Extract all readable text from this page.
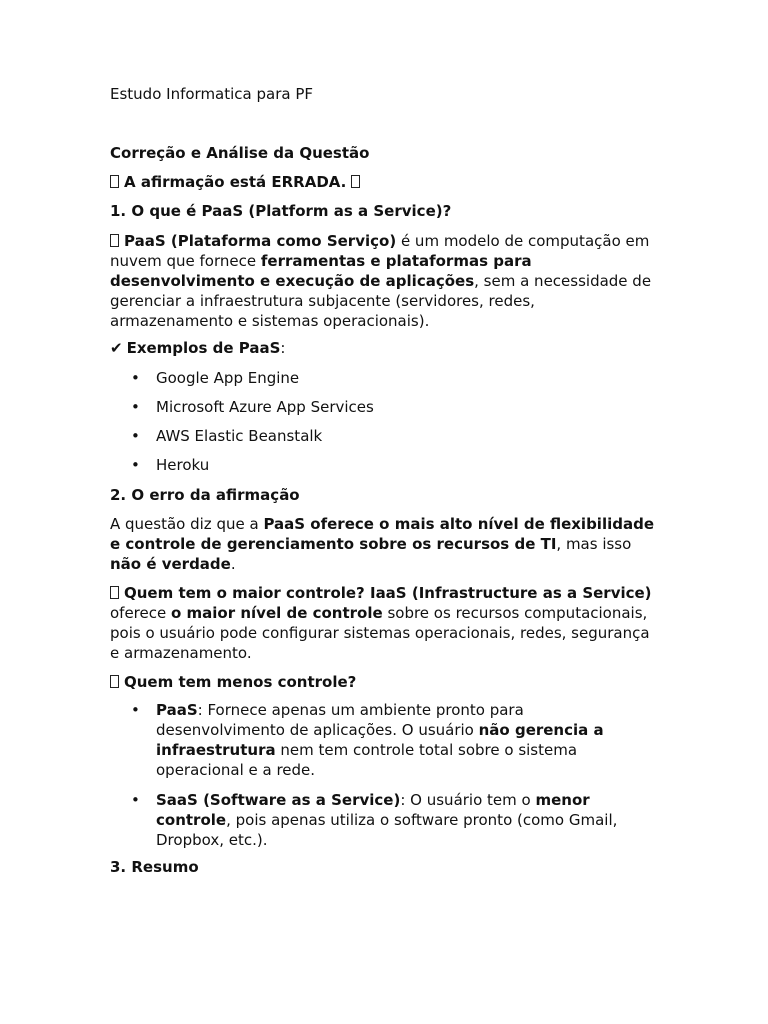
Estudo Informatica para PF

Correção e Análise da Questão

A afirmação está ERRADA.

1. O que é PaaS (Platform as a Service)?

PaaS (Plataforma como Serviço) é um modelo de computação em nuvem que fornece ferramentas e plataformas para desenvolvimento e execução de aplicações, sem a necessidade de gerenciar a infraestrutura subjacente (servidores, redes, armazenamento e sistemas operacionais).

✔ Exemplos de PaaS:

• Google App Engine
• Microsoft Azure App Services
• AWS Elastic Beanstalk
• Heroku

2. O erro da afirmação

A questão diz que a PaaS oferece o mais alto nível de flexibilidade e controle de gerenciamento sobre os recursos de TI, mas isso não é verdade.

Quem tem o maior controle? IaaS (Infrastructure as a Service) oferece o maior nível de controle sobre os recursos computacionais, pois o usuário pode configurar sistemas operacionais, redes, segurança e armazenamento.

Quem tem menos controle?

• PaaS: Fornece apenas um ambiente pronto para desenvolvimento de aplicações. O usuário não gerencia a infraestrutura nem tem controle total sobre o sistema operacional e a rede.
• SaaS (Software as a Service): O usuário tem o menor controle, pois apenas utiliza o software pronto (como Gmail, Dropbox, etc.).

3. Resumo
